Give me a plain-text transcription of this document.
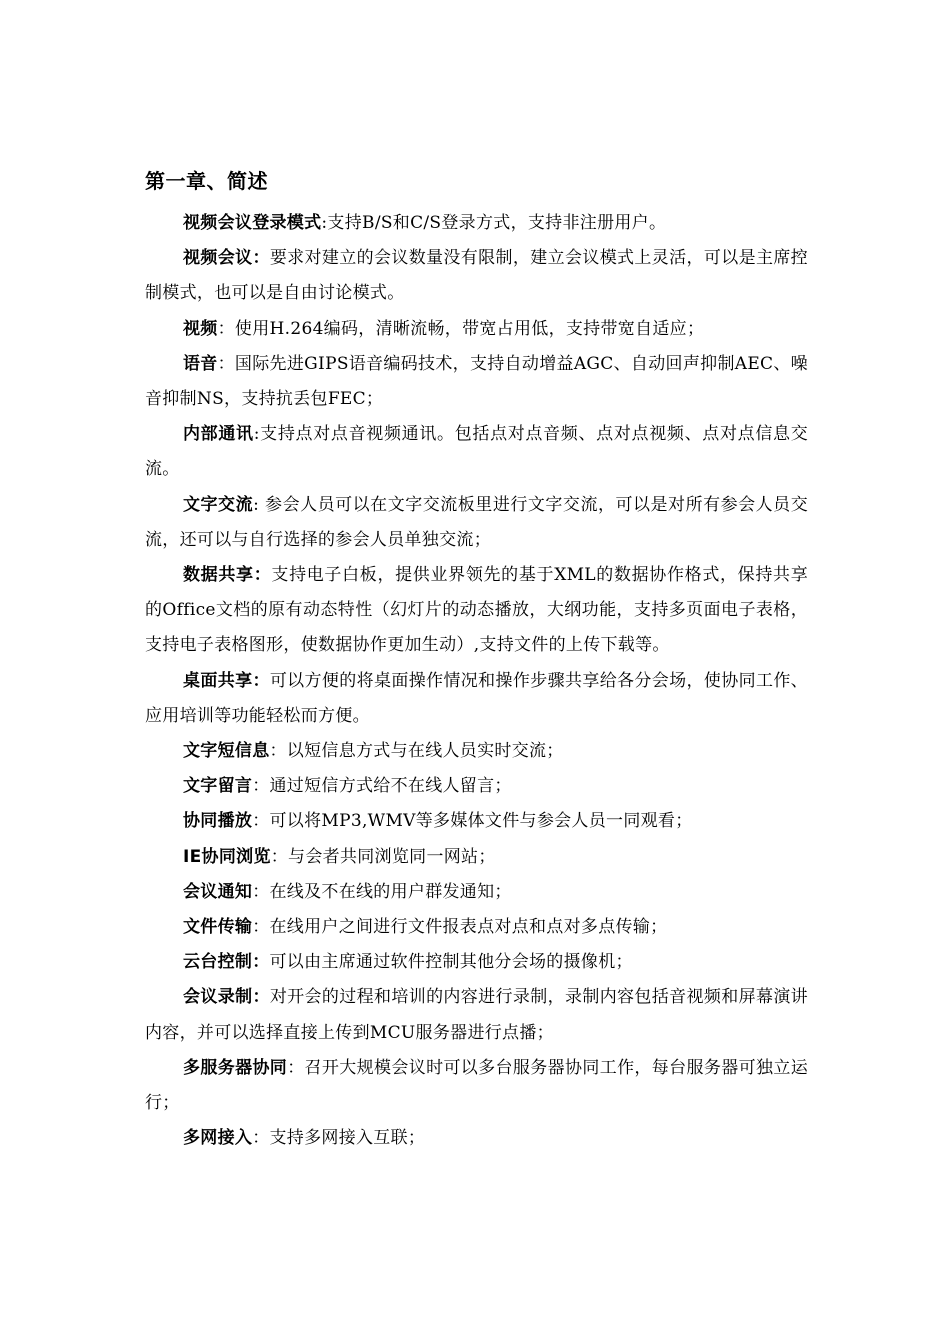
第一章、简述

视频会议登录模式:支持B/S和C/S登录方式，支持非注册用户。

视频会议：要求对建立的会议数量没有限制，建立会议模式上灵活，可以是主席控制模式，也可以是自由讨论模式。

视频：使用H.264编码，清晰流畅，带宽占用低，支持带宽自适应；

语音：国际先进GIPS语音编码技术，支持自动增益AGC、自动回声抑制AEC、噪音抑制NS，支持抗丢包FEC；

内部通讯:支持点对点音视频通讯。包括点对点音频、点对点视频、点对点信息交流。

文字交流: 参会人员可以在文字交流板里进行文字交流，可以是对所有参会人员交流，还可以与自行选择的参会人员单独交流；

数据共享：支持电子白板，提供业界领先的基于XML的数据协作格式，保持共享的Office文档的原有动态特性（幻灯片的动态播放，大纲功能，支持多页面电子表格，支持电子表格图形，使数据协作更加生动）,支持文件的上传下载等。

桌面共享：可以方便的将桌面操作情况和操作步骤共享给各分会场，使协同工作、应用培训等功能轻松而方便。

文字短信息：以短信息方式与在线人员实时交流；

文字留言：通过短信方式给不在线人留言；

协同播放：可以将MP3,WMV等多媒体文件与参会人员一同观看；

IE协同浏览：与会者共同浏览同一网站；

会议通知：在线及不在线的用户群发通知；

文件传输：在线用户之间进行文件报表点对点和点对多点传输；

云台控制：可以由主席通过软件控制其他分会场的摄像机；

会议录制：对开会的过程和培训的内容进行录制，录制内容包括音视频和屏幕演讲内容，并可以选择直接上传到MCU服务器进行点播；

多服务器协同：召开大规模会议时可以多台服务器协同工作，每台服务器可独立运行；

多网接入：支持多网接入互联；
